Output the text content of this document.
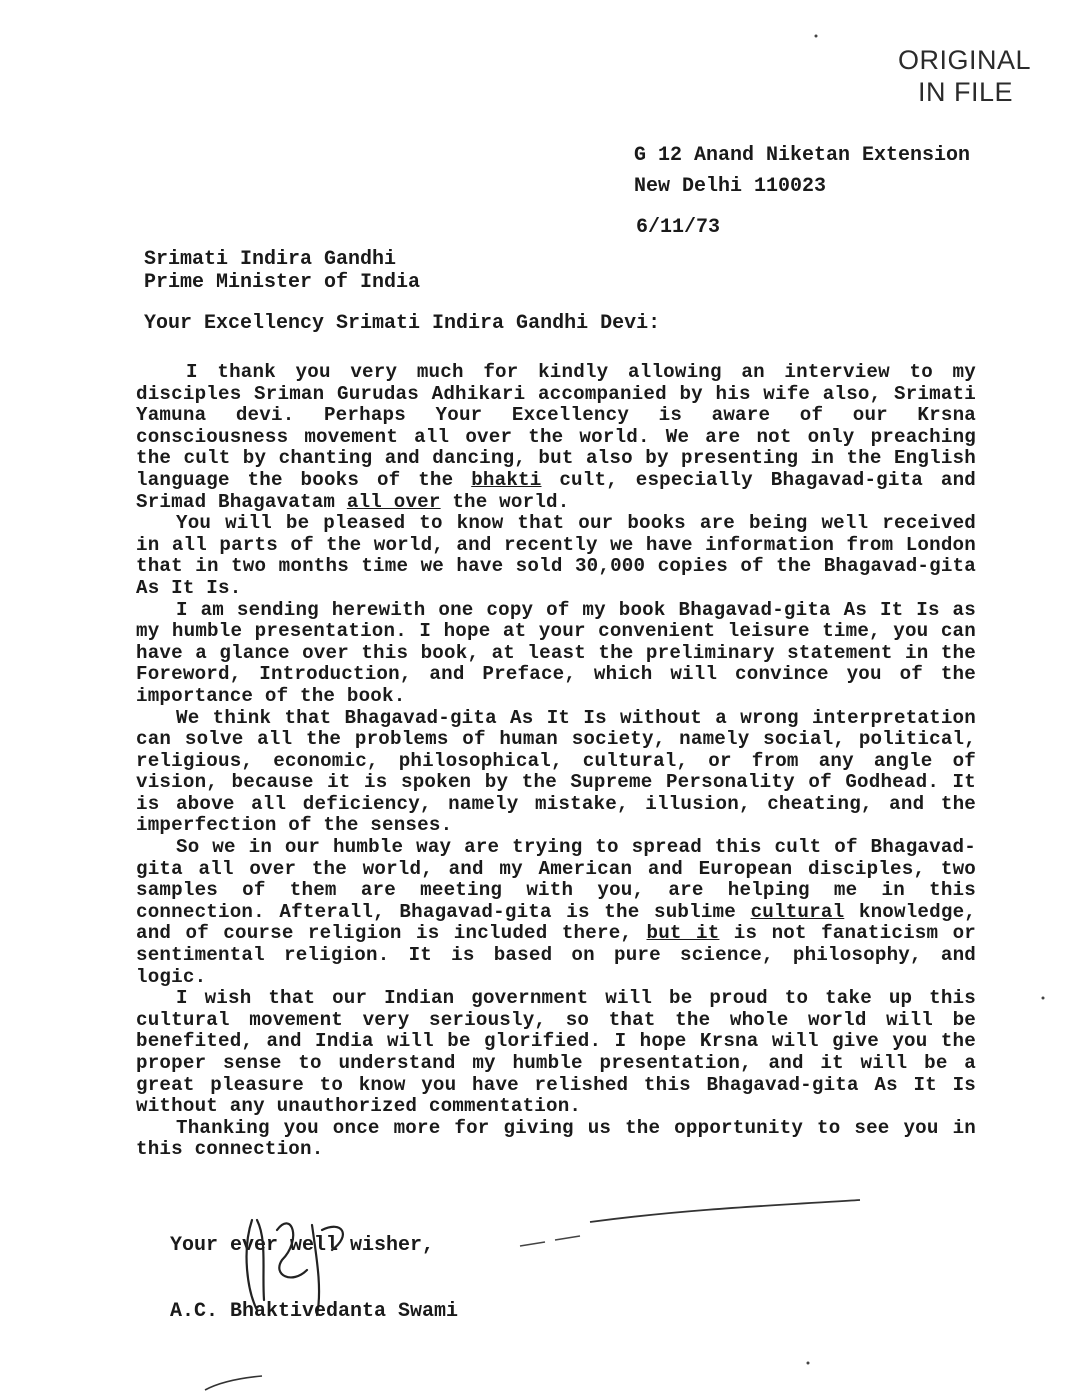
ORIGINAL
IN FILE
G 12 Anand Niketan Extension
New Delhi 110023
6/11/73
Srimati Indira Gandhi
Prime Minister of India
Your Excellency Srimati Indira Gandhi Devi:

I thank you very much for kindly allowing an interview to my disciples Sriman Gurudas Adhikari accompanied by his wife also, Srimati Yamuna devi. Perhaps Your Excellency is aware of our Krsna consciousness movement all over the world. We are not only preaching the cult by chanting and dancing, but also by presenting in the English language the books of the bhakti cult, especially Bhagavad-gita and Srimad Bhagavatam all over the world.

You will be pleased to know that our books are being well received in all parts of the world, and recently we have information from London that in two months time we have sold 30,000 copies of the Bhagavad-gita As It Is.

I am sending herewith one copy of my book Bhagavad-gita As It Is as my humble presentation. I hope at your convenient leisure time, you can have a glance over this book, at least the preliminary statement in the Foreword, Introduction, and Preface, which will convince you of the importance of the book.

We think that Bhagavad-gita As It Is without a wrong interpretation can solve all the problems of human society, namely social, political, religious, economic, philosophical, cultural, or from any angle of vision, because it is spoken by the Supreme Personality of Godhead. It is above all deficiency, namely mistake, illusion, cheating, and the imperfection of the senses.

So we in our humble way are trying to spread this cult of Bhagavad-gita all over the world, and my American and European disciples, two samples of them are meeting with you, are helping me in this connection. Afterall, Bhagavad-gita is the sublime cultural knowledge, and of course religion is included there, but it is not fanaticism or sentimental religion. It is based on pure science, philosophy, and logic.

I wish that our Indian government will be proud to take up this cultural movement very seriously, so that the whole world will be benefited, and India will be glorified. I hope Krsna will give you the proper sense to understand my humble presentation, and it will be a great pleasure to know you have relished this Bhagavad-gita As It Is without any unauthorized commentation.

Thanking you once more for giving us the opportunity to see you in this connection.

Your ever well wisher,
A.C. Bhaktivedanta Swami
